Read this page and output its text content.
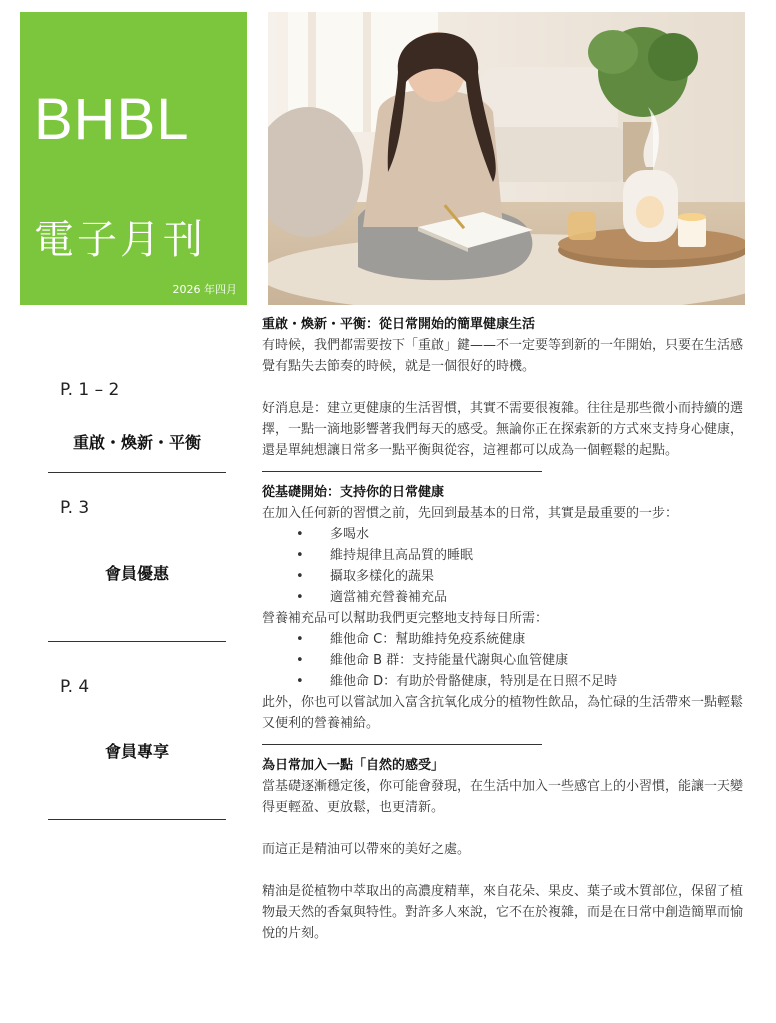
BHBL
電子月刊
2026 年四月
P. 1 – 2
重啟・煥新・平衡
P. 3
會員優惠
P. 4
會員專享

重啟・煥新・平衡：從日常開始的簡單健康生活

有時候，我們都需要按下「重啟」鍵——不一定要等到新的一年開始，只要在生活感覺有點失去節奏的時候，就是一個很好的時機。

好消息是：建立更健康的生活習慣，其實不需要很複雜。往往是那些微小而持續的選擇，一點一滴地影響著我們每天的感受。無論你正在探索新的方式來支持身心健康，還是單純想讓日常多一點平衡與從容，這裡都可以成為一個輕鬆的起點。

從基礎開始：支持你的日常健康

在加入任何新的習慣之前，先回到最基本的日常，其實是最重要的一步：

• 多喝水
• 維持規律且高品質的睡眠
• 攝取多樣化的蔬果
• 適當補充營養補充品

營養補充品可以幫助我們更完整地支持每日所需：

• 維他命 C：幫助維持免疫系統健康
• 維他命 B 群：支持能量代謝與心血管健康
• 維他命 D：有助於骨骼健康，特別是在日照不足時

此外，你也可以嘗試加入富含抗氧化成分的植物性飲品，為忙碌的生活帶來一點輕鬆又便利的營養補給。

為日常加入一點「自然的感受」

當基礎逐漸穩定後，你可能會發現，在生活中加入一些感官上的小習慣，能讓一天變得更輕盈、更放鬆，也更清新。

而這正是精油可以帶來的美好之處。

精油是從植物中萃取出的高濃度精華，來自花朵、果皮、葉子或木質部位，保留了植物最天然的香氣與特性。對許多人來說，它不在於複雜，而是在日常中創造簡單而愉悅的片刻。
